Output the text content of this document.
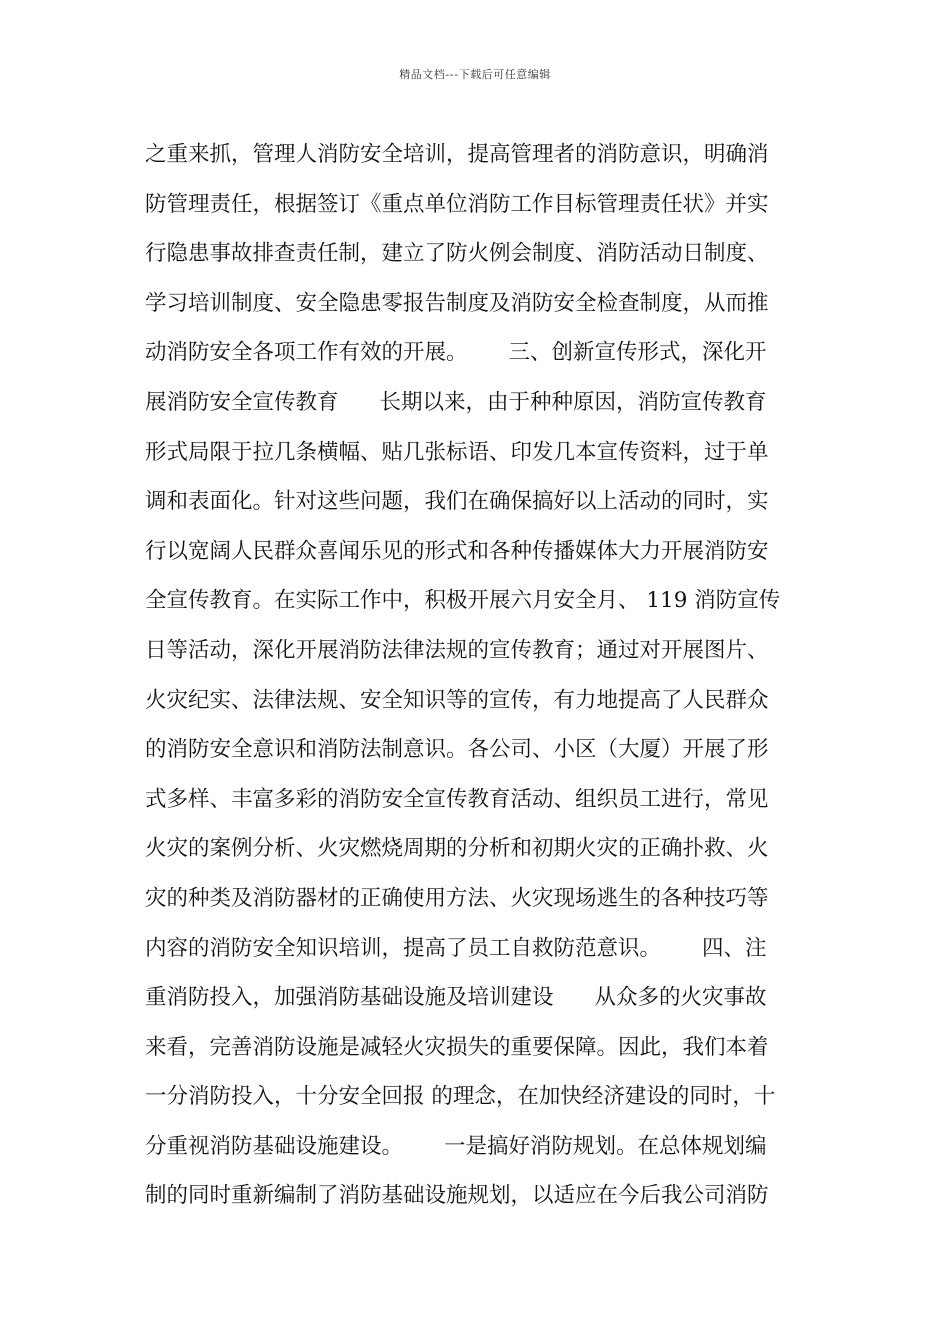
精品文档---下载后可任意编辑
之重来抓，管理人消防安全培训，提高管理者的消防意识，明确消
防管理责任，根据签订《重点单位消防工作目标管理责任状》并实
行隐患事故排查责任制，建立了防火例会制度、消防活动日制度、
学习培训制度、安全隐患零报告制度及消防安全检查制度，从而推
动消防安全各项工作有效的开展。      三、创新宣传形式，深化开
展消防安全宣传教育      长期以来，由于种种原因，消防宣传教育
形式局限于拉几条横幅、贴几张标语、印发几本宣传资料，过于单
调和表面化。针对这些问题，我们在确保搞好以上活动的同时，实
行以宽阔人民群众喜闻乐见的形式和各种传播媒体大力开展消防安
全宣传教育。在实际工作中，积极开展六月安全月、 119 消防宣传
日等活动，深化开展消防法律法规的宣传教育；通过对开展图片、
火灾纪实、法律法规、安全知识等的宣传，有力地提高了人民群众
的消防安全意识和消防法制意识。各公司、小区（大厦）开展了形
式多样、丰富多彩的消防安全宣传教育活动、组织员工进行，常见
火灾的案例分析、火灾燃烧周期的分析和初期火灾的正确扑救、火
灾的种类及消防器材的正确使用方法、火灾现场逃生的各种技巧等
内容的消防安全知识培训，提高了员工自救防范意识。      四、注
重消防投入，加强消防基础设施及培训建设      从众多的火灾事故
来看，完善消防设施是减轻火灾损失的重要保障。因此，我们本着
一分消防投入，十分安全回报 的理念，在加快经济建设的同时，十
分重视消防基础设施建设。      一是搞好消防规划。在总体规划编
制的同时重新编制了消防基础设施规划，以适应在今后我公司消防
